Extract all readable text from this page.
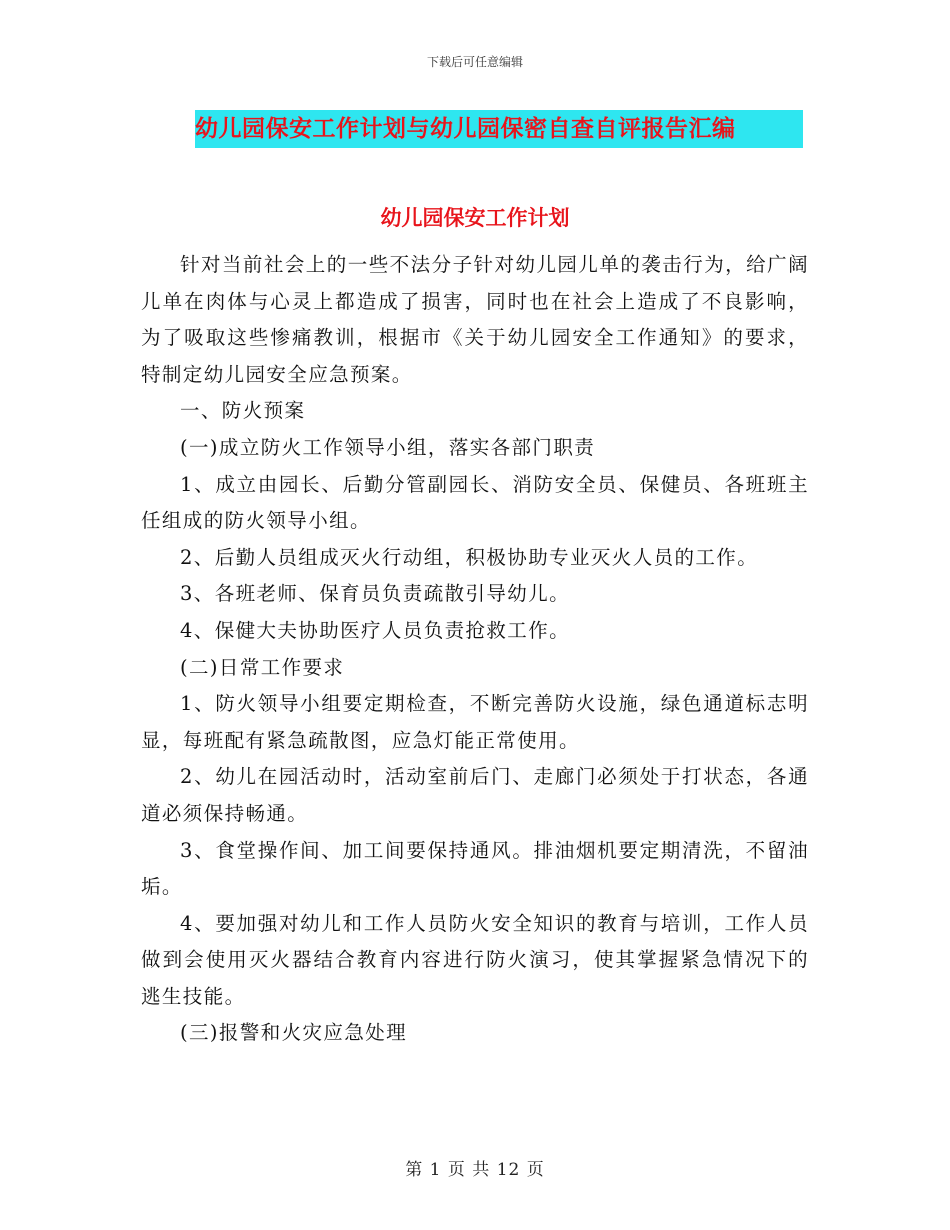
下载后可任意编辑
幼儿园保安工作计划与幼儿园保密自查自评报告汇编
幼儿园保安工作计划

针对当前社会上的一些不法分子针对幼儿园儿单的袭击行为，给广阔儿单在肉体与心灵上都造成了损害，同时也在社会上造成了不良影响，为了吸取这些惨痛教训，根据市《关于幼儿园安全工作通知》的要求，特制定幼儿园安全应急预案。

一、防火预案

(一)成立防火工作领导小组，落实各部门职责

1、成立由园长、后勤分管副园长、消防安全员、保健员、各班班主任组成的防火领导小组。

2、后勤人员组成灭火行动组，积极协助专业灭火人员的工作。

3、各班老师、保育员负责疏散引导幼儿。

4、保健大夫协助医疗人员负责抢救工作。

(二)日常工作要求

1、防火领导小组要定期检查，不断完善防火设施，绿色通道标志明显，每班配有紧急疏散图，应急灯能正常使用。

2、幼儿在园活动时，活动室前后门、走廊门必须处于打状态，各通道必须保持畅通。

3、食堂操作间、加工间要保持通风。排油烟机要定期清洗，不留油垢。

4、要加强对幼儿和工作人员防火安全知识的教育与培训，工作人员做到会使用灭火器结合教育内容进行防火演习，使其掌握紧急情况下的逃生技能。

(三)报警和火灾应急处理

第 1 页 共 12 页
